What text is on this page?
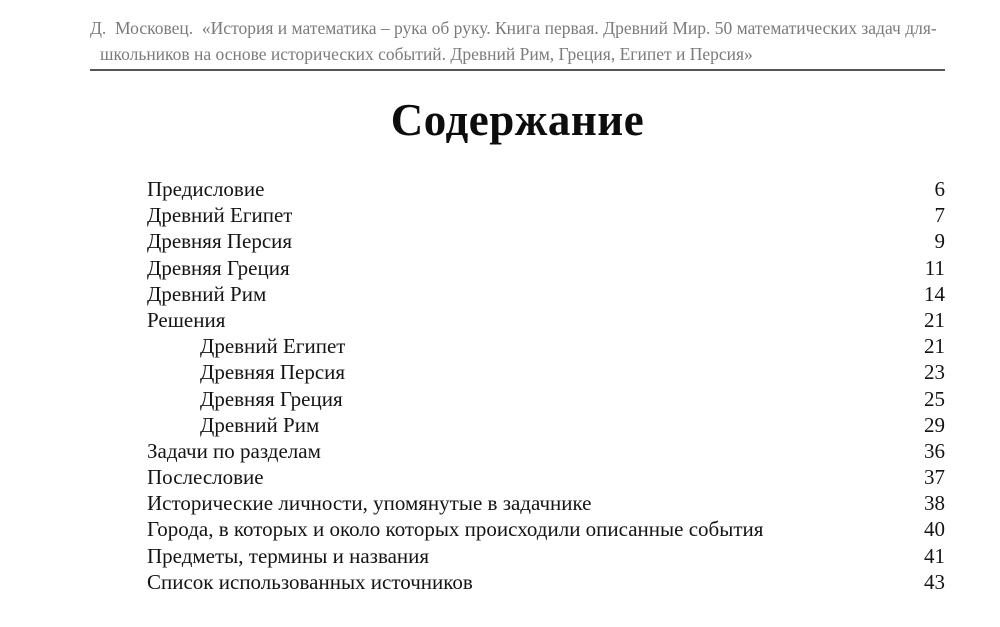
Д.  Московец.  «История и математика – рука об руку. Книга первая. Древний Мир. 50 математических задач для-
школьников на основе исторических событий. Древний Рим, Греция, Египет и Персия»
Содержание
Предисловие	6
Древний Египет	7
Древняя Персия	9
Древняя Греция	11
Древний Рим	14
Решения	21
Древний Египет	21
Древняя Персия	23
Древняя Греция	25
Древний Рим	29
Задачи по разделам	36
Послесловие	37
Исторические личности, упомянутые в задачнике	38
Города, в которых и около которых происходили описанные события	40
Предметы, термины и названия	41
Список использованных источников	43
